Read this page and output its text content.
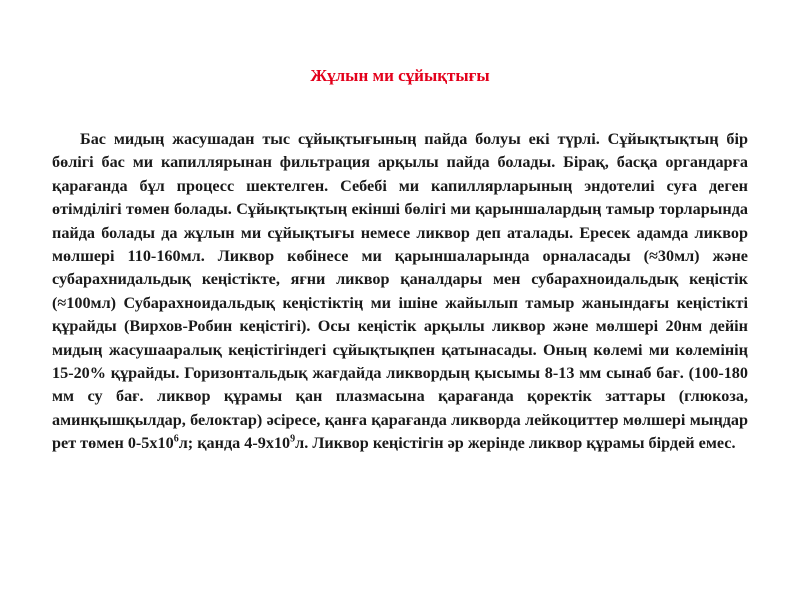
Жұлын ми сұйықтығы

Бас мидың жасушадан тыс сұйықтығының пайда болуы екі түрлі. Сұйықтықтың бір бөлігі бас ми капиллярынан фильтрация арқылы пайда болады. Бірақ, басқа органдарға қарағанда бұл процесс шектелген. Себебі ми капиллярларының эндотелиі суға деген өтімділігі төмен болады. Сұйықтықтың екінші бөлігі ми қарыншалардың тамыр торларында пайда болады да жұлын ми сұйықтығы немесе ликвор деп аталады. Ересек адамда ликвор мөлшері 110-160мл. Ликвор көбінесе ми қарыншаларында орналасады (≈30мл) және субарахнидальдық кеңістікте, яғни ликвор қаналдары мен субарахноидальдық кеңістік (≈100мл) Субарахноидальдық кеңістіктің ми ішіне жайылып тамыр жанындағы кеңістікті құрайды (Вирхов-Робин кеңістігі). Осы кеңістік арқылы ликвор және мөлшері 20нм дейін мидың жасушааралық кеңістігіндегі сұйықтықпен қатынасады. Оның көлемі ми көлемінің 15-20% құрайды. Горизонтальдық жағдайда ликвордың қысымы 8-13 мм сынаб бағ. (100-180 мм су бағ. ликвор құрамы қан плазмасына қарағанда қоректік заттары (глюкоза, аминқышқылдар, белоктар) әсіресе, қанға қарағанда ликворда лейкоциттер мөлшері мыңдар рет төмен $0-5х10^6л$; қанда $4-9х10^9л$. Ликвор кеңістігін әр жерінде ликвор құрамы бірдей емес.
